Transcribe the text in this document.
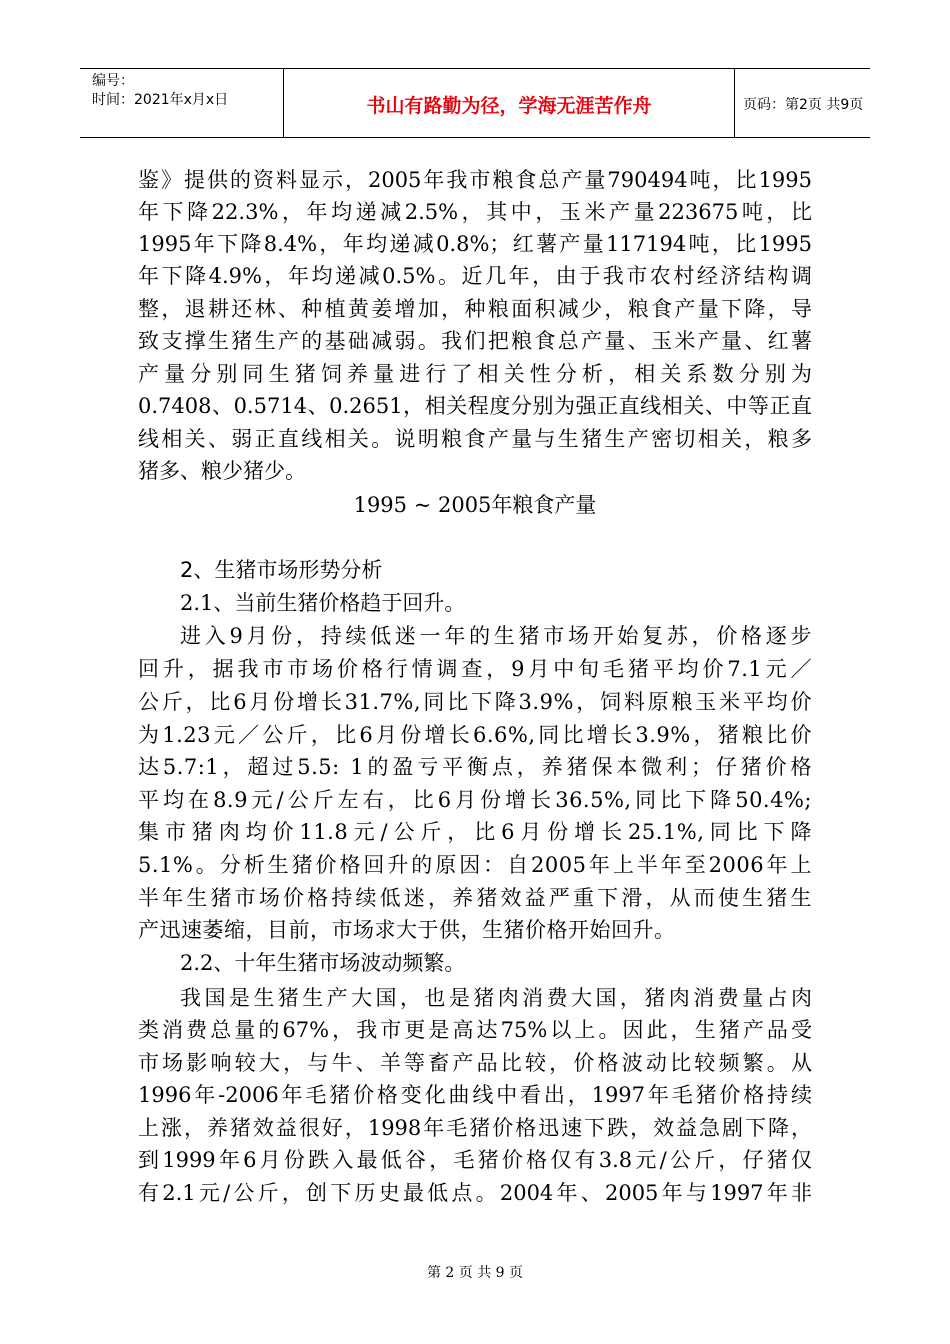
编号：
时间：2021年x月x日	书山有路勤为径，学海无涯苦作舟	页码：第2页 共9页
鉴》提供的资料显示，2005年我市粮食总产量790494吨，比1995
年下降22.3%，年均递减2.5%，其中，玉米产量223675吨，比
1995年下降8.4%，年均递减0.8%；红薯产量117194吨，比1995
年下降4.9%，年均递减0.5%。近几年，由于我市农村经济结构调
整，退耕还林、种植黄姜增加，种粮面积减少，粮食产量下降，导
致支撑生猪生产的基础减弱。我们把粮食总产量、玉米产量、红薯
产量分别同生猪饲养量进行了相关性分析，相关系数分别为
0.7408、0.5714、0.2651，相关程度分别为强正直线相关、中等正直
线相关、弱正直线相关。说明粮食产量与生猪生产密切相关，粮多
猪多、粮少猪少。
1995 ~ 2005年粮食产量
2、生猪市场形势分析
2.1、当前生猪价格趋于回升。
进入9月份，持续低迷一年的生猪市场开始复苏，价格逐步
回升，据我市市场价格行情调查，9月中旬毛猪平均价7.1元／
公斤，比6月份增长31.7%,同比下降3.9%，饲料原粮玉米平均价
为1.23元／公斤，比6月份增长6.6%,同比增长3.9%，猪粮比价
达5.7:1，超过5.5: 1的盈亏平衡点，养猪保本微利；仔猪价格
平均在8.9元/公斤左右，比6月份增长36.5%,同比下降50.4%;
集市猪肉均价11.8元/公斤，比6月份增长25.1%,同比下降
5.1%。分析生猪价格回升的原因：自2005年上半年至2006年上
半年生猪市场价格持续低迷，养猪效益严重下滑，从而使生猪生
产迅速萎缩，目前，市场求大于供，生猪价格开始回升。
2.2、十年生猪市场波动频繁。
我国是生猪生产大国，也是猪肉消费大国，猪肉消费量占肉
类消费总量的67%，我市更是高达75%以上。因此，生猪产品受
市场影响较大，与牛、羊等畜产品比较，价格波动比较频繁。从
1996年-2006年毛猪价格变化曲线中看出，1997年毛猪价格持续
上涨，养猪效益很好，1998年毛猪价格迅速下跌，效益急剧下降，
到1999年6月份跌入最低谷，毛猪价格仅有3.8元/公斤，仔猪仅
有2.1元/公斤，创下历史最低点。2004年、2005年与1997年非
第 2 页 共 9 页
